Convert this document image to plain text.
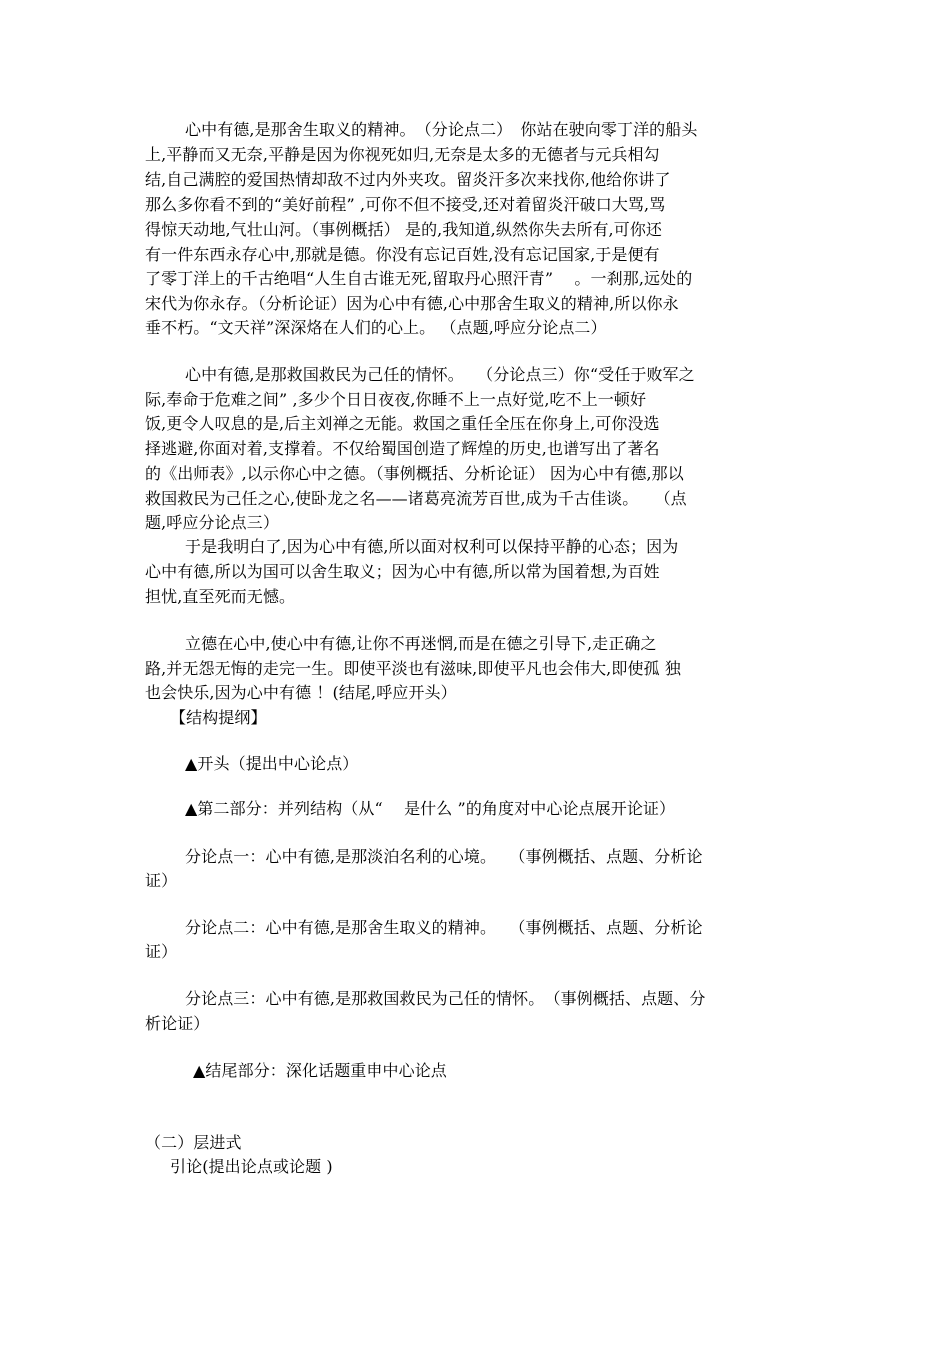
心中有德,是那舍生取义的精神。　（分论点二）　你站在驶向零丁洋的船头
上,平静而又无奈,平静是因为你视死如归,无奈是太多的无德者与元兵相勾
结,自己满腔的爱国热情却敌不过内外夹攻。留炎汗多次来找你,他给你讲了
那么多你看不到的“美好前程” ,可你不但不接受,还对着留炎汗破口大骂,骂
得惊天动地,气壮山河。（事例概括） 是的,我知道,纵然你失去所有,可你还
有一件东西永存心中,那就是德。你没有忘记百姓,没有忘记国家,于是便有
了零丁洋上的千古绝唱“人生自古谁无死,留取丹心照汗青”　 。一刹那,远处的
宋代为你永存。（分析论证）因为心中有德,心中那舍生取义的精神,所以你永
垂不朽。“文天祥”深深烙在人们的心上。 （点题,呼应分论点二）
心中有德,是那救国救民为己任的情怀。　 （分论点三）你“受任于败军之
际,奉命于危难之间” ,多少个日日夜夜,你睡不上一点好觉,吃不上一顿好
饭,更令人叹息的是,后主刘禅之无能。救国之重任全压在你身上,可你没选
择逃避,你面对着,支撑着。不仅给蜀国创造了辉煌的历史,也谱写出了著名
的《出师表》,以示你心中之德。（事例概括、分析论证） 因为心中有德,那以
救国救民为己任之心,使卧龙之名——诸葛亮流芳百世,成为千古佳谈。　　（点
题,呼应分论点三）
于是我明白了,因为心中有德,所以面对权利可以保持平静的心态；因为
心中有德,所以为国可以舍生取义；因为心中有德,所以常为国着想,为百姓
担忧,直至死而无憾。
立德在心中,使心中有德,让你不再迷惘,而是在德之引导下,走正确之
路,并无怨无悔的走完一生。即使平淡也有滋味,即使平凡也会伟大,即使孤 独
也会快乐,因为心中有德 ！(结尾,呼应开头）
【结构提纲】
▲开头（提出中心论点）
▲第二部分：并列结构（从“　 是什么 ”的角度对中心论点展开论证）
分论点一：心中有德,是那淡泊名利的心境。　 （事例概括、点题、分析论
证）
分论点二：心中有德,是那舍生取义的精神。　 （事例概括、点题、分析论
证）
分论点三：心中有德,是那救国救民为己任的情怀。　（事例概括、点题、分
析论证）
▲结尾部分：深化话题重申中心论点
（二）层进式
引论(提出论点或论题 )
